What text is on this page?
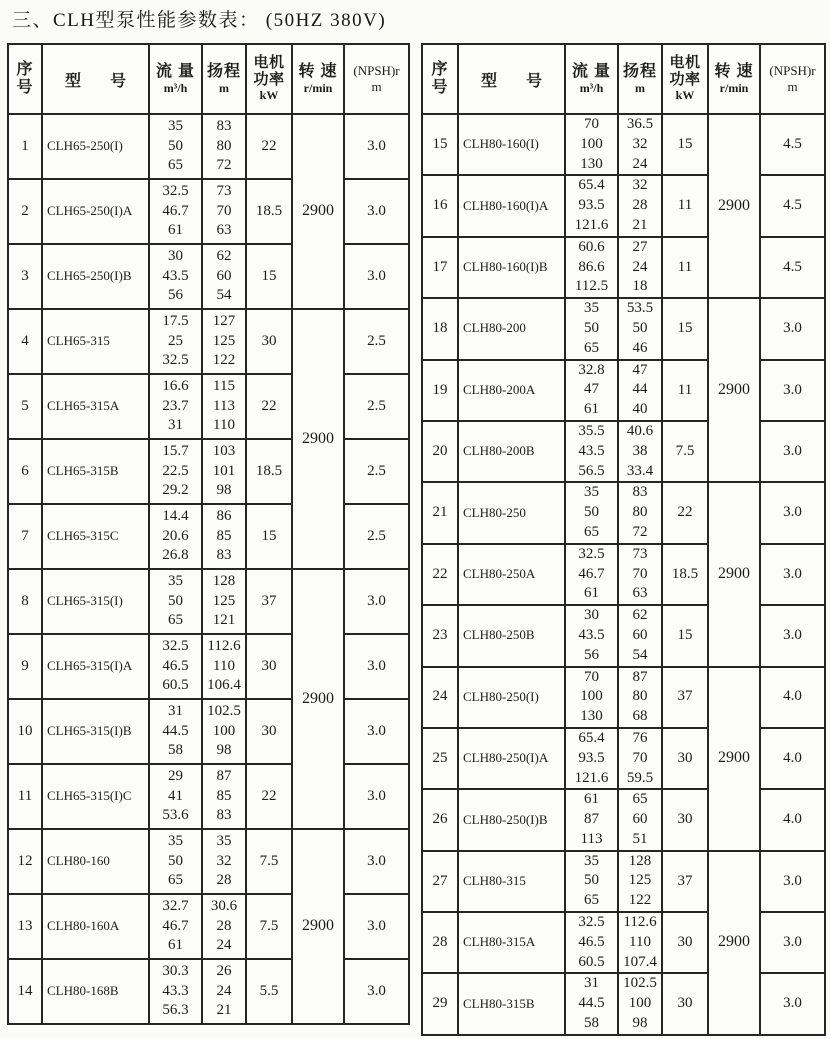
三、CLH型泵性能参数表： (50HZ 380V)
序
号	型 号

流 量
m³/h

扬程
m

电机
功率
kW

转 速
r/min

(NPSH)r
m

1	CLH65-250(I)	
35
50
65

83
80
72
	22	2900	3.0
2	CLH65-250(I)A	
32.5
46.7
61

73
70
63
	18.5	3.0
3	CLH65-250(I)B	
30
43.5
56

62
60
54
	15	3.0
4	CLH65-315	
17.5
25
32.5

127
125
122
	30	2900	2.5
5	CLH65-315A	
16.6
23.7
31

115
113
110
	22	2.5
6	CLH65-315B	
15.7
22.5
29.2

103
101
98
	18.5	2.5
7	CLH65-315C	
14.4
20.6
26.8

86
85
83
	15	2.5
8	CLH65-315(I)	
35
50
65

128
125
121
	37	2900	3.0
9	CLH65-315(I)A	
32.5
46.5
60.5

112.6
110
106.4
	30	3.0
10	CLH65-315(I)B	
31
44.5
58

102.5
100
98
	30	3.0
11	CLH65-315(I)C	
29
41
53.6

87
85
83
	22	3.0
12	CLH80-160	
35
50
65

35
32
28
	7.5	2900	3.0
13	CLH80-160A	
32.7
46.7
61

30.6
28
24
	7.5	3.0
14	CLH80-168B	
30.3
43.3
56.3

26
24
21
	5.5	3.0
序
号	型 号

流 量
m³/h

扬程
m

电机
功率
kW

转 速
r/min

(NPSH)r
m

15	CLH80-160(I)	
70
100
130

36.5
32
24
	15	2900	4.5
16	CLH80-160(I)A	
65.4
93.5
121.6

32
28
21
	11	4.5
17	CLH80-160(I)B	
60.6
86.6
112.5

27
24
18
	11	4.5
18	CLH80-200	
35
50
65

53.5
50
46
	15	2900	3.0
19	CLH80-200A	
32.8
47
61

47
44
40
	11	3.0
20	CLH80-200B	
35.5
43.5
56.5

40.6
38
33.4
	7.5	3.0
21	CLH80-250	
35
50
65

83
80
72
	22	2900	3.0
22	CLH80-250A	
32.5
46.7
61

73
70
63
	18.5	3.0
23	CLH80-250B	
30
43.5
56

62
60
54
	15	3.0
24	CLH80-250(I)	
70
100
130

87
80
68
	37	2900	4.0
25	CLH80-250(I)A	
65.4
93.5
121.6

76
70
59.5
	30	4.0
26	CLH80-250(I)B	
61
87
113

65
60
51
	30	4.0
27	CLH80-315	
35
50
65

128
125
122
	37	2900	3.0
28	CLH80-315A	
32.5
46.5
60.5

112.6
110
107.4
	30	3.0
29	CLH80-315B	
31
44.5
58

102.5
100
98
	30	3.0
